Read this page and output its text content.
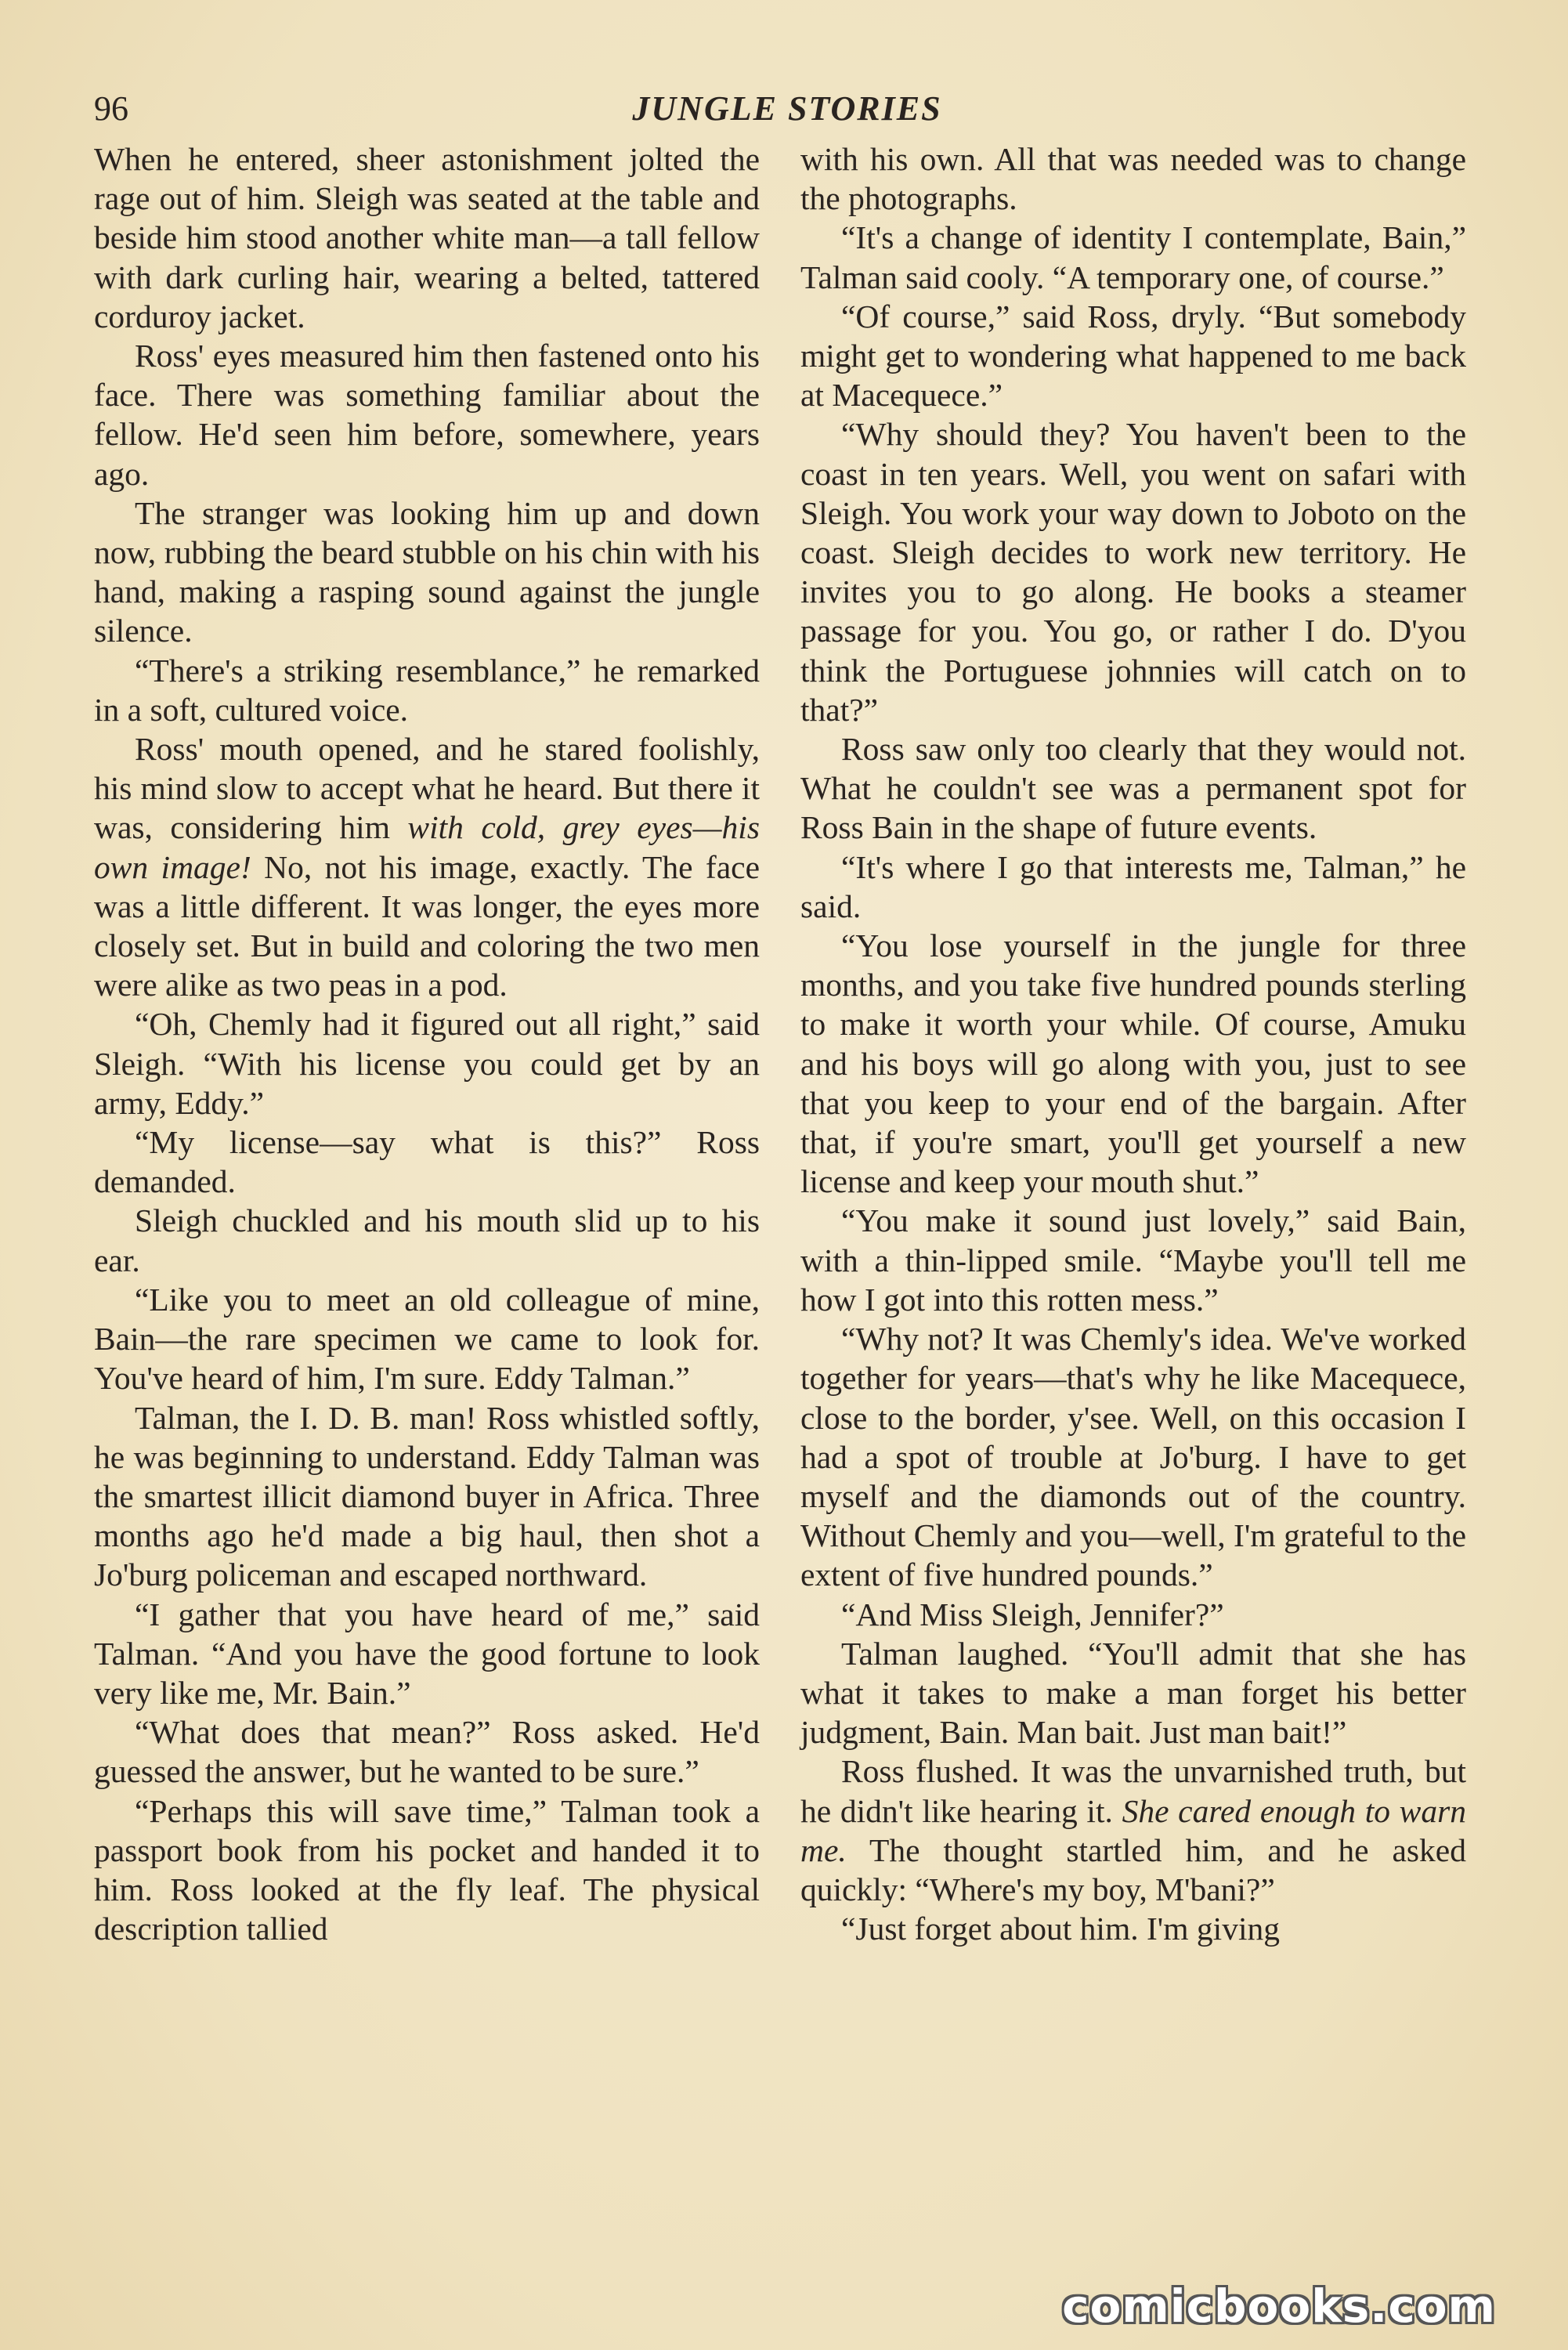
96	JUNGLE STORIES

When he entered, sheer astonishment jolted the rage out of him. Sleigh was seated at the table and beside him stood another white man—a tall fellow with dark curling hair, wearing a belted, tattered corduroy jacket.

Ross' eyes measured him then fastened onto his face. There was something familiar about the fellow. He'd seen him before, somewhere, years ago.

The stranger was looking him up and down now, rubbing the beard stubble on his chin with his hand, making a rasping sound against the jungle silence.

“There's a striking resemblance,” he remarked in a soft, cultured voice.

Ross' mouth opened, and he stared foolishly, his mind slow to accept what he heard. But there it was, considering him with cold, grey eyes—his own image! No, not his image, exactly. The face was a little different. It was longer, the eyes more closely set. But in build and coloring the two men were alike as two peas in a pod.

“Oh, Chemly had it figured out all right,” said Sleigh. “With his license you could get by an army, Eddy.”

“My license—say what is this?” Ross demanded.

Sleigh chuckled and his mouth slid up to his ear.

“Like you to meet an old colleague of mine, Bain—the rare specimen we came to look for. You've heard of him, I'm sure. Eddy Talman.”

Talman, the I. D. B. man! Ross whistled softly, he was beginning to understand. Eddy Talman was the smartest illicit diamond buyer in Africa. Three months ago he'd made a big haul, then shot a Jo'burg policeman and escaped northward.

“I gather that you have heard of me,” said Talman. “And you have the good fortune to look very like me, Mr. Bain.”

“What does that mean?” Ross asked. He'd guessed the answer, but he wanted to be sure.”

“Perhaps this will save time,” Talman took a passport book from his pocket and handed it to him. Ross looked at the fly leaf. The physical description tallied

with his own. All that was needed was to change the photographs.

“It's a change of identity I contemplate, Bain,” Talman said cooly. “A temporary one, of course.”

“Of course,” said Ross, dryly. “But somebody might get to wondering what happened to me back at Macequece.”

“Why should they? You haven't been to the coast in ten years. Well, you went on safari with Sleigh. You work your way down to Joboto on the coast. Sleigh decides to work new territory. He invites you to go along. He books a steamer passage for you. You go, or rather I do. D'you think the Portuguese johnnies will catch on to that?”

Ross saw only too clearly that they would not. What he couldn't see was a permanent spot for Ross Bain in the shape of future events.

“It's where I go that interests me, Talman,” he said.

“You lose yourself in the jungle for three months, and you take five hundred pounds sterling to make it worth your while. Of course, Amuku and his boys will go along with you, just to see that you keep to your end of the bargain. After that, if you're smart, you'll get yourself a new license and keep your mouth shut.”

“You make it sound just lovely,” said Bain, with a thin-lipped smile. “Maybe you'll tell me how I got into this rotten mess.”

“Why not? It was Chemly's idea. We've worked together for years—that's why he like Macequece, close to the border, y'see. Well, on this occasion I had a spot of trouble at Jo'burg. I have to get myself and the diamonds out of the country. Without Chemly and you—well, I'm grateful to the extent of five hundred pounds.”

“And Miss Sleigh, Jennifer?”

Talman laughed. “You'll admit that she has what it takes to make a man forget his better judgment, Bain. Man bait. Just man bait!”

Ross flushed. It was the unvarnished truth, but he didn't like hearing it. She cared enough to warn me. The thought startled him, and he asked quickly: “Where's my boy, M'bani?”

“Just forget about him. I'm giving

comicbooks.com
